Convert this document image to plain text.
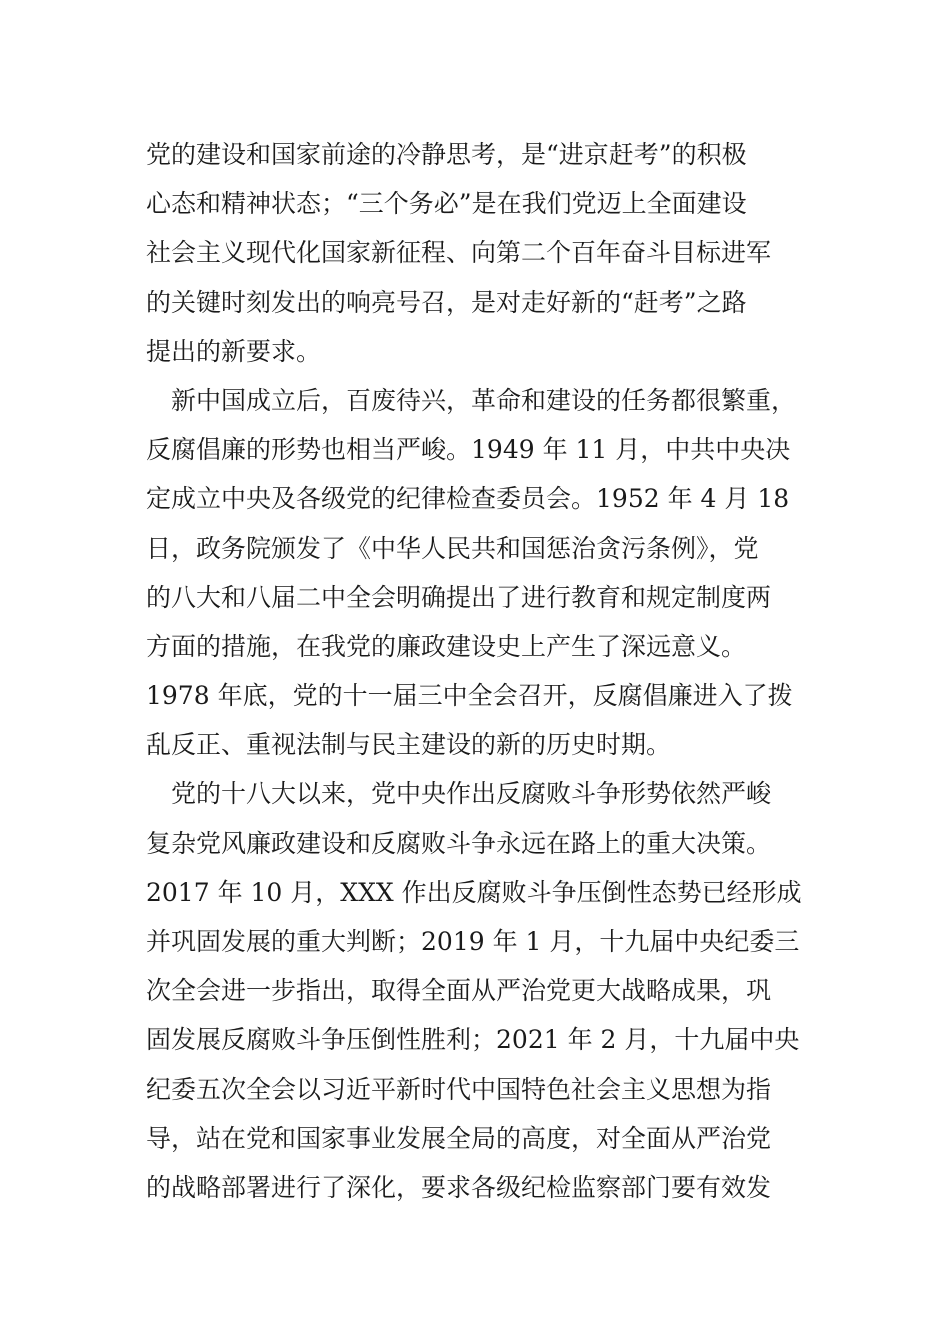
党的建设和国家前途的冷静思考，是“进京赶考”的积极
心态和精神状态；“三个务必”是在我们党迈上全面建设
社会主义现代化国家新征程、向第二个百年奋斗目标进军
的关键时刻发出的响亮号召，是对走好新的“赶考”之路
提出的新要求。
　新中国成立后，百废待兴，革命和建设的任务都很繁重，
反腐倡廉的形势也相当严峻。1949 年 11 月，中共中央决
定成立中央及各级党的纪律检查委员会。1952 年 4 月 18
日，政务院颁发了《中华人民共和国惩治贪污条例》，党
的八大和八届二中全会明确提出了进行教育和规定制度两
方面的措施，在我党的廉政建设史上产生了深远意义。
1978 年底，党的十一届三中全会召开，反腐倡廉进入了拨
乱反正、重视法制与民主建设的新的历史时期。
　党的十八大以来，党中央作出反腐败斗争形势依然严峻
复杂党风廉政建设和反腐败斗争永远在路上的重大决策。
2017 年 10 月，XXX 作出反腐败斗争压倒性态势已经形成
并巩固发展的重大判断；2019 年 1 月，十九届中央纪委三
次全会进一步指出，取得全面从严治党更大战略成果，巩
固发展反腐败斗争压倒性胜利；2021 年 2 月，十九届中央
纪委五次全会以习近平新时代中国特色社会主义思想为指
导，站在党和国家事业发展全局的高度，对全面从严治党
的战略部署进行了深化，要求各级纪检监察部门要有效发
